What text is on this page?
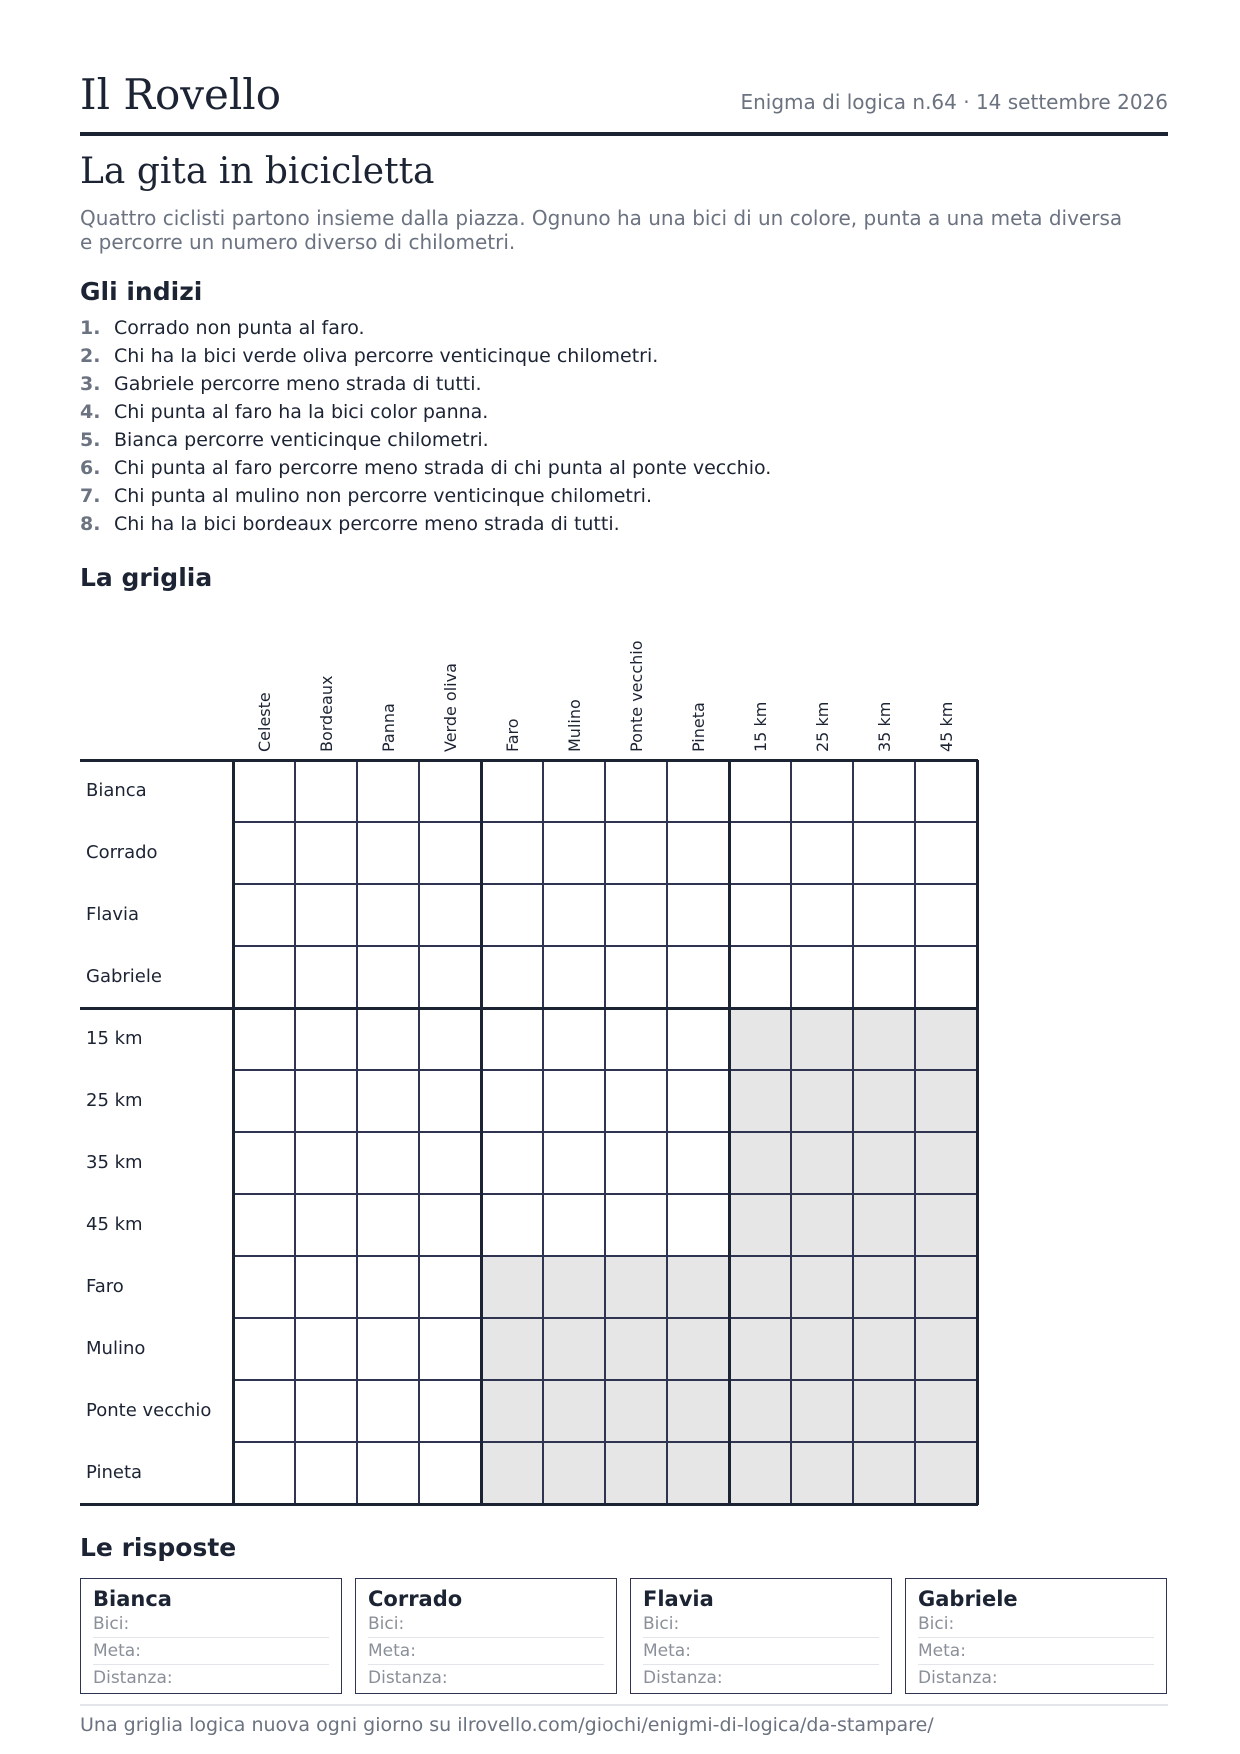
Il Rovello	Enigma di logica n.64 · 14 settembre 2026
La gita in bicicletta

Quattro ciclisti partono insieme dalla piazza. Ognuno ha una bici di un colore, punta a una meta diversa e percorre un numero diverso di chilometri.

Gli indizi
1. Corrado non punta al faro.
2. Chi ha la bici verde oliva percorre venticinque chilometri.
3. Gabriele percorre meno strada di tutti.
4. Chi punta al faro ha la bici color panna.
5. Bianca percorre venticinque chilometri.
6. Chi punta al faro percorre meno strada di chi punta al ponte vecchio.
7. Chi punta al mulino non percorre venticinque chilometri.
8. Chi ha la bici bordeaux percorre meno strada di tutti.
La griglia
Celeste	Bordeaux	Panna	Verde oliva	Faro	Mulino	Ponte vecchio	Pineta	15 km	25 km	35 km	45 km
Bianca
Corrado
Flavia
Gabriele
15 km
25 km
35 km
45 km
Faro
Mulino
Ponte vecchio
Pineta
Le risposte
Bianca
Bici:
Meta:
Distanza:
Corrado
Bici:
Meta:
Distanza:
Flavia
Bici:
Meta:
Distanza:
Gabriele
Bici:
Meta:
Distanza:
Una griglia logica nuova ogni giorno su ilrovello.com/giochi/enigmi-di-logica/da-stampare/
